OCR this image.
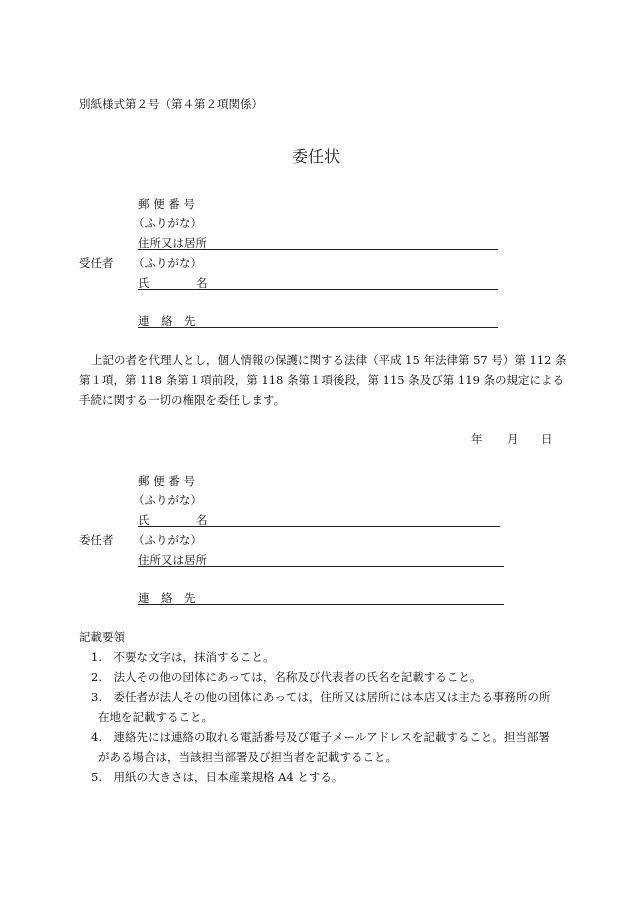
別紙様式第２号（第４第２項関係）
委任状
郵 便 番 号
（ふりがな）
住所又は居所
受任者 （ふりがな）
氏	名
連　絡　先
上記の者を代理人とし，個人情報の保護に関する法律（平成 15 年法律第 57 号）第 112 条
第１項，第 118 条第１項前段，第 118 条第１項後段，第 115 条及び第 119 条の規定による
手続に関する一切の権限を委任します。
年 月 日
郵 便 番 号
（ふりがな）
氏	名
委任者 （ふりがな）
住所又は居所
連　絡　先
記載要領
1.　不要な文字は，抹消すること。
2.　法人その他の団体にあっては，名称及び代表者の氏名を記載すること。
3.　委任者が法人その他の団体にあっては，住所又は居所には本店又は主たる事務所の所
在地を記載すること。
4.　連絡先には連絡の取れる電話番号及び電子メールアドレスを記載すること。担当部署
がある場合は，当該担当部署及び担当者を記載すること。
5.　用紙の大きさは，日本産業規格 A4 とする。
